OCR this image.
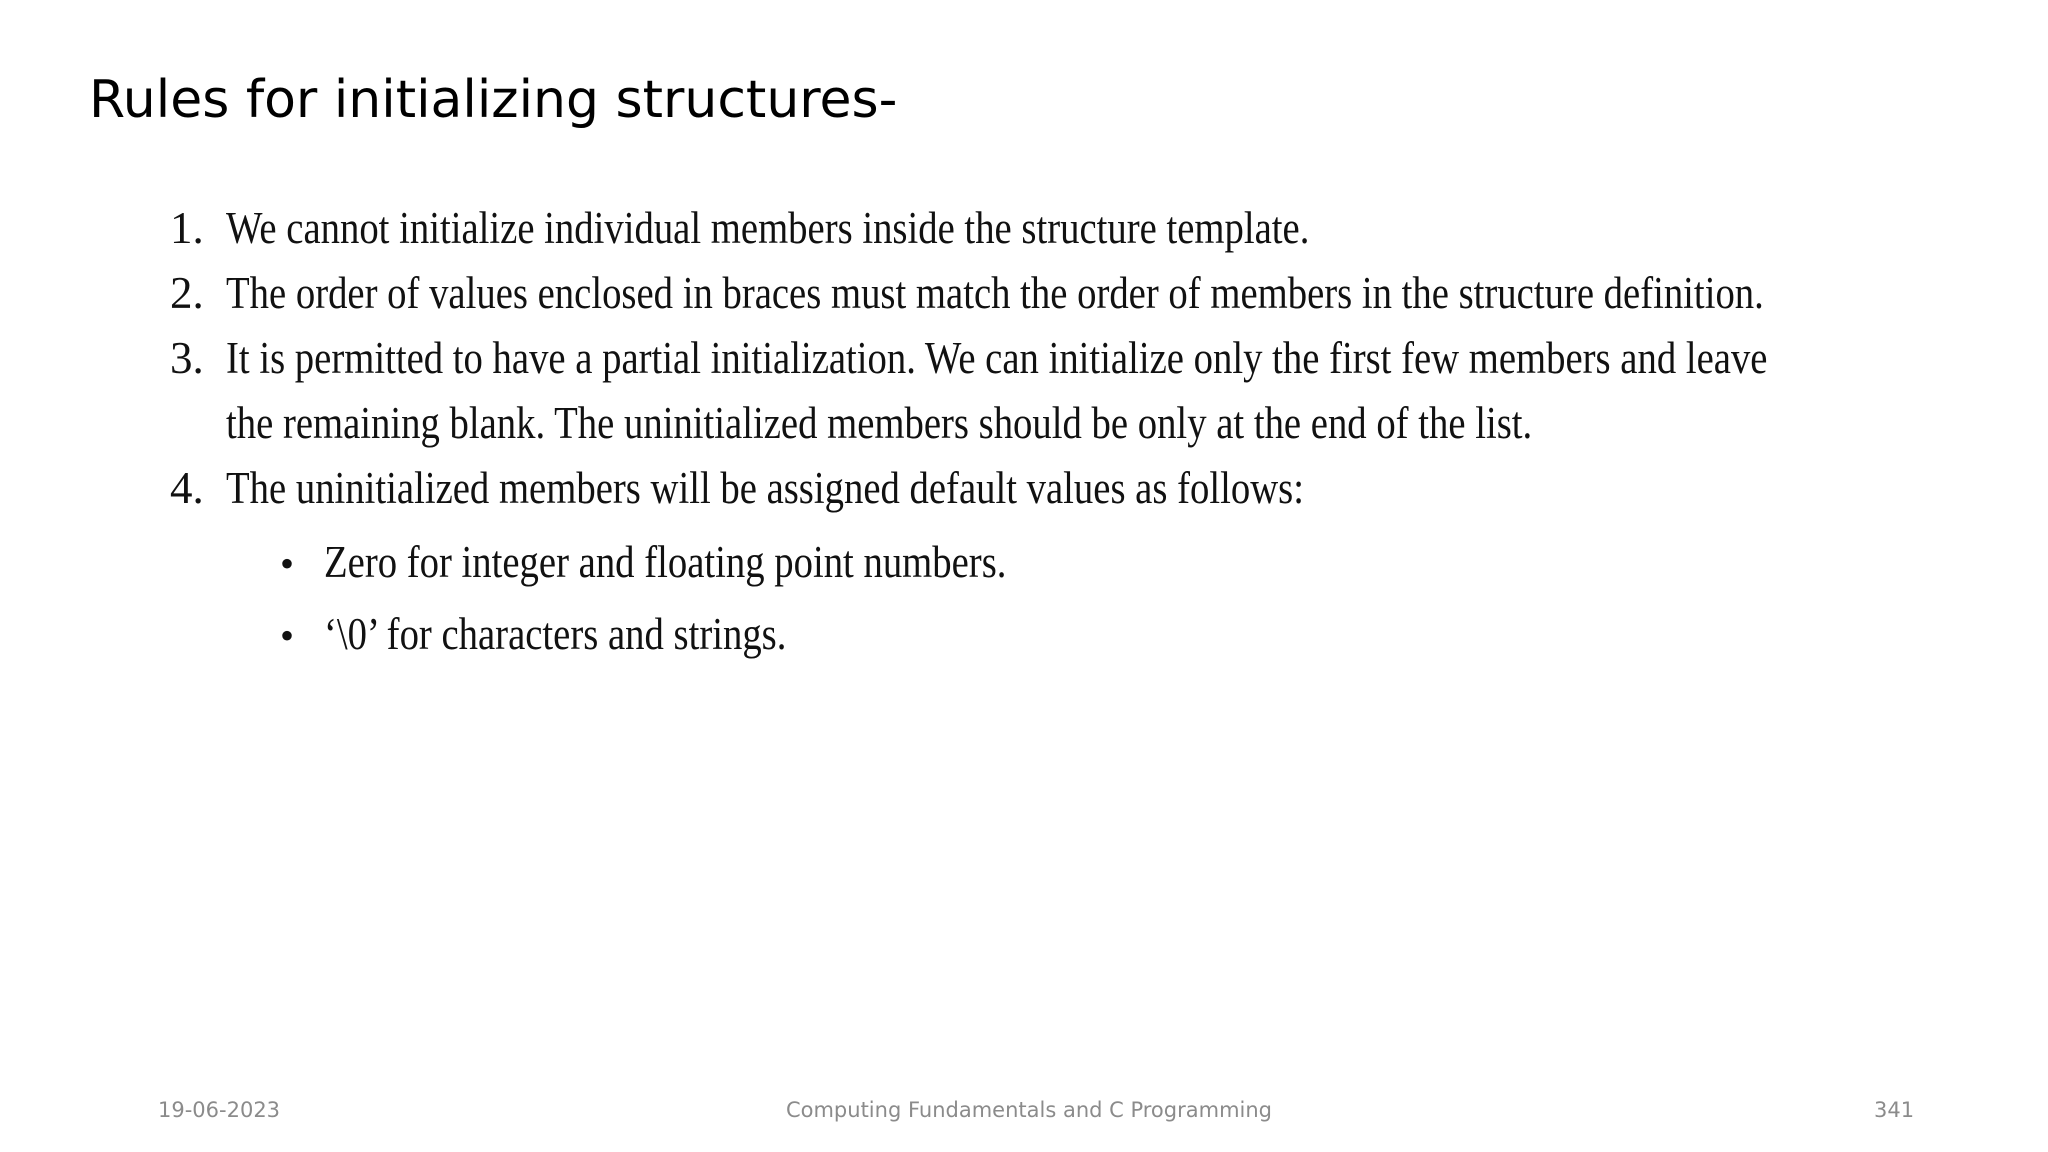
Rules for initializing structures-
1. We cannot initialize individual members inside the structure template.
2. The order of values enclosed in braces must match the order of members in the structure definition.
3. It is permitted to have a partial initialization. We can initialize only the first few members and leave
the remaining blank. The uninitialized members should be only at the end of the list.
4. The uninitialized members will be assigned default values as follows:
• Zero for integer and floating point numbers.
• ‘\0’ for characters and strings.
19-06-2023	Computing Fundamentals and C Programming	341
